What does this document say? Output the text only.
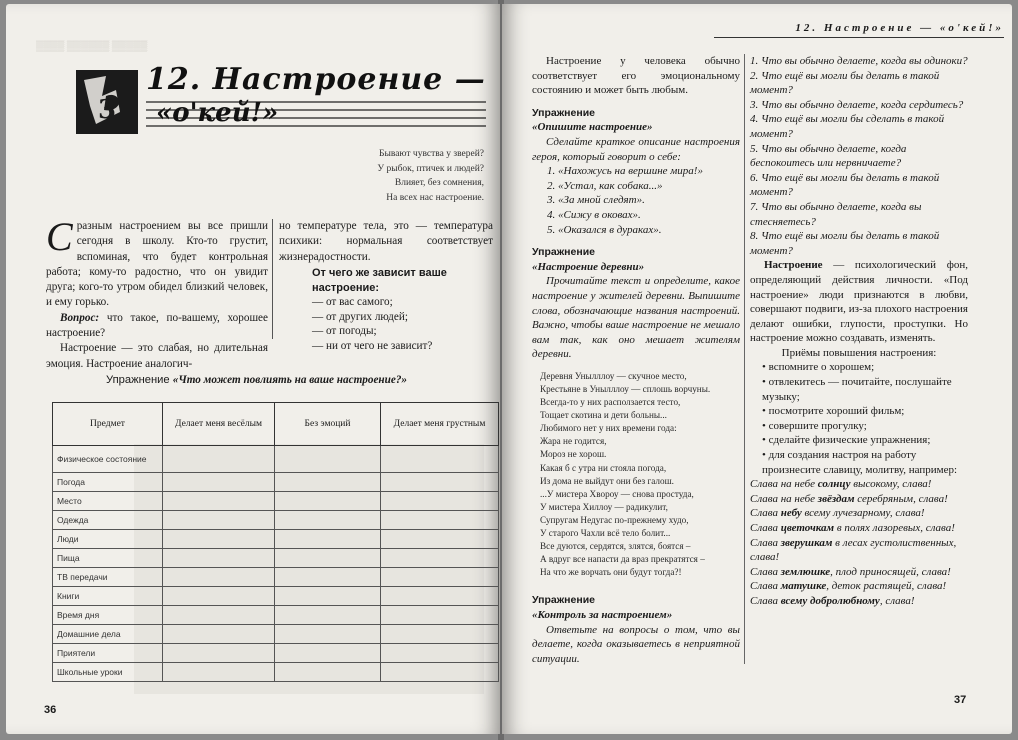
▒▒▒▒ ▒▒▒▒▒▒ ▒▒▒▒▒
3
12. Настроение —
«о'кей!»
Бывают чувства у зверей?
У рыбок, птичек и людей?
Влияет, без сомнения,
На всех нас настроение.

С разным настроением вы все пришли сегодня в школу. Кто-то грустит, вспоминая, что будет контрольная работа; кому-то радостно, что он увидит друга; кого-то утром обидел близкий человек, и ему горько.

Вопрос: что такое, по-вашему, хорошее настроение?

Настроение — это слабая, но длительная эмоция. Настроение аналогич-

но температуре тела, это — температура психики: нормальная соответствует жизнерадостности.
От чего же зависит ваше настроение:
— от вас самого;
— от других людей;
— от погоды;
— ни от чего не зависит?
Упражнение «Что может повлиять на ваше настроение?»
Предмет	Делает меня весёлым	Без эмоций	Делает меня грустным
Физическое состояние			
Погода			
Место			
Одежда			
Люди			
Пища			
ТВ передачи			
Книги			
Время дня			
Домашние дела			
Приятели			
Школьные уроки			
36
12. Настроение — «о'кей!»

Настроение у человека обычно соответствует его эмоциональному состоянию и может быть любым.

Упражнение
«Опишите настроение»

Сделайте краткое описание настроения героя, который говорит о себе:

1. «Нахожусь на вершине мира!»
2. «Устал, как собака...»
3. «За мной следят».
4. «Сижу в оковах».
5. «Оказался в дураках».
Упражнение
«Настроение деревни»

Прочитайте текст и определите, какое настроение у жителей деревни. Выпишите слова, обозначающие названия настроений. Важно, чтобы ваше настроение не мешало вам так, как оно мешает жителям деревни.

Деревня Унылллоу — скучное место,
Крестьяне в Унылллоу — сплошь ворчуны.
Всегда-то у них расползается тесто,
Тощает скотина и дети больны...
Любимого нет у них времени года:
Жара не годится,
Мороз не хорош.
Какая б с утра ни стояла погода,
Из дома не выйдут они без галош.
...У мистера Хвороу — снова простуда,
У мистера Хиллоу — радикулит,
Супругам Недугас по-прежнему худо,
У старого Чахли всё тело болит...
Все дуются, сердятся, злятся, боятся –
А вдруг все напасти да враз прекратятся –
На что же ворчать они будут тогда?!
Упражнение
«Контроль за настроением»

Ответьте на вопросы о том, что вы делаете, когда оказываетесь в неприятной ситуации.

1. Что вы обычно делаете, когда вы одиноки?

2. Что ещё вы могли бы делать в такой момент?

3. Что вы обычно делаете, когда сердитесь?

4. Что ещё вы могли бы сделать в такой момент?

5. Что вы обычно делаете, когда беспокоитесь или нервничаете?

6. Что ещё вы могли бы делать в такой момент?

7. Что вы обычно делаете, когда вы стесняетесь?

8. Что ещё вы могли бы делать в такой момент?

Настроение — психологический фон, определяющий действия личности. «Под настроение» люди признаются в любви, совершают подвиги, из-за плохого настроения делают ошибки, глупости, проступки. Но настроение можно создавать, изменять.

Приёмы повышения настроения:

• вспомните о хорошем;
• отвлекитесь — почитайте, послушайте музыку;
• посмотрите хороший фильм;
• совершите прогулку;
• сделайте физические упражнения;
• для создания настроя на работу произнесите славицу, молитву, например:

Слава на небе солнцу высокому, слава!

Слава на небе звёздам серебряным, слава!

Слава небу всему лучезарному, слава!

Слава цветочкам в полях лазоревых, слава!

Слава зверушкам в лесах густолиственных, слава!

Слава землюшке, плод приносящей, слава!

Слава матушке, деток растящей, слава!

Слава всему добролюбному, слава!

37
